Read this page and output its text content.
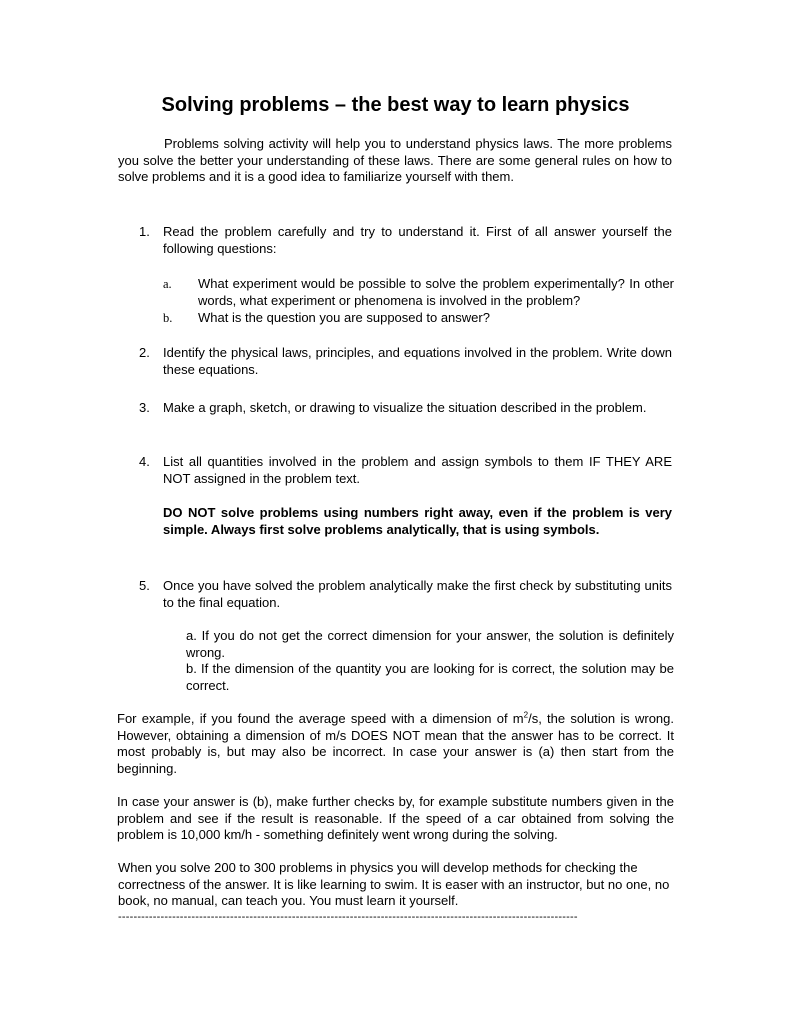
Solving problems – the best way to learn physics
Problems solving activity will help you to understand physics laws. The more problems you solve the better your understanding of these laws. There are some general rules on how to solve problems and it is a good idea to familiarize yourself with them.
1.	Read the problem carefully and try to understand it. First of all answer yourself the following questions:
a. What experiment would be possible to solve the problem experimentally? In other words, what experiment or phenomena is involved in the problem?
b. What is the question you are supposed to answer?
2.	Identify the physical laws, principles, and equations involved in the problem. Write down these equations.
3.	Make a graph, sketch, or drawing to visualize the situation described in the problem.
4.	List all quantities involved in the problem and assign symbols to them IF THEY ARE NOT assigned in the problem text.
DO NOT solve problems using numbers right away, even if the problem is very simple. Always first solve problems analytically, that is using symbols.
5.	Once you have solved the problem analytically make the first check by substituting units to the final equation.
a. If you do not get the correct dimension for your answer, the solution is definitely wrong.
b. If the dimension of the quantity you are looking for is correct, the solution may be correct.
For example, if you found the average speed with a dimension of $m^2/s$, the solution is wrong. However, obtaining a dimension of m/s DOES NOT mean that the answer has to be correct. It most probably is, but may also be incorrect. In case your answer is (a) then start from the beginning.
In case your answer is (b), make further checks by, for example substitute numbers given in the problem and see if the result is reasonable. If the speed of a car obtained from solving the problem is 10,000 km/h - something definitely went wrong during the solving.
When you solve 200 to 300 problems in physics you will develop methods for checking the correctness of the answer. It is like learning to swim. It is easer with an instructor, but no one, no book, no manual, can teach you. You must learn it yourself.
-----------------------------------------------------------------------------------------------------------------------
